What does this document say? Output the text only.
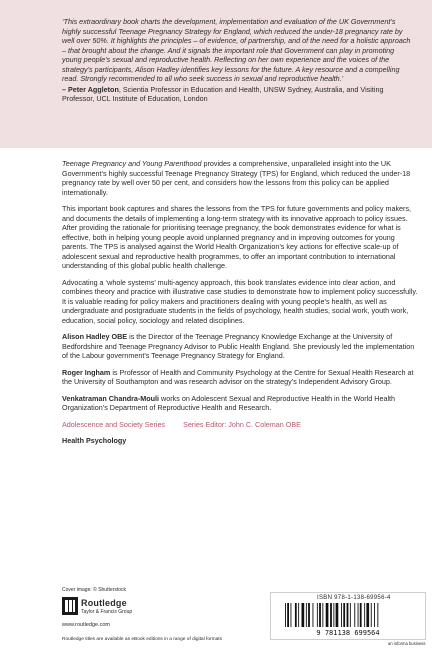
‘This extraordinary book charts the development, implementation and evaluation of the UK Government’s highly successful Teenage Pregnancy Strategy for England, which reduced the under-18 pregnancy rate by well over 50%. It highlights the principles – of evidence, of partnership, and of the need for a holistic approach – that brought about the change. And it signals the important role that Government can play in promoting young people’s sexual and reproductive health. Reflecting on her own experience and the voices of the strategy’s participants, Alison Hadley identifies key lessons for the future. A key resource and a compelling read. Strongly recommended to all who seek success in sexual and reproductive health.’

– Peter Aggleton, Scientia Professor in Education and Health, UNSW Sydney, Australia, and Visiting Professor, UCL Institute of Education, London

Teenage Pregnancy and Young Parenthood provides a comprehensive, unparalleled insight into the UK Government’s highly successful Teenage Pregnancy Strategy (TPS) for England, which reduced the under-18 pregnancy rate by well over 50 per cent, and considers how the lessons from this policy can be applied internationally.

This important book captures and shares the lessons from the TPS for future governments and policy makers, and documents the details of implementing a long-term strategy with its innovative approach to policy issues. After providing the rationale for prioritising teenage pregnancy, the book demonstrates evidence for what is effective, both in helping young people avoid unplanned pregnancy and in improving outcomes for young parents. The TPS is analysed against the World Health Organization’s key actions for effective scale-up of adolescent sexual and reproductive health programmes, to offer an important contribution to international understanding of this global public health challenge.

Advocating a ‘whole systems’ multi-agency approach, this book translates evidence into clear action, and combines theory and practice with illustrative case studies to demonstrate how to implement policy successfully. It is valuable reading for policy makers and practitioners dealing with young people’s health, as well as undergraduate and postgraduate students in the fields of psychology, health studies, social work, youth work, education, social policy, sociology and related disciplines.

Alison Hadley OBE is the Director of the Teenage Pregnancy Knowledge Exchange at the University of Bedfordshire and Teenage Pregnancy Advisor to Public Health England. She previously led the implementation of the Labour government’s Teenage Pregnancy Strategy for England.

Roger Ingham is Professor of Health and Community Psychology at the Centre for Sexual Health Research at the University of Southampton and was research advisor on the strategy’s Independent Advisory Group.

Venkatraman Chandra-Mouli works on Adolescent Sexual and Reproductive Health in the World Health Organization’s Department of Reproductive Health and Research.

Adolescence and Society Series	Series Editor: John C. Coleman OBE

Health Psychology

Cover image: © Shutterstock
Routledge
Taylor & Francis Group
www.routledge.com
Routledge titles are available as eBook editions in a range of digital formats
ISBN 978-1-138-69956-4
9 781138 699564
an informa business
